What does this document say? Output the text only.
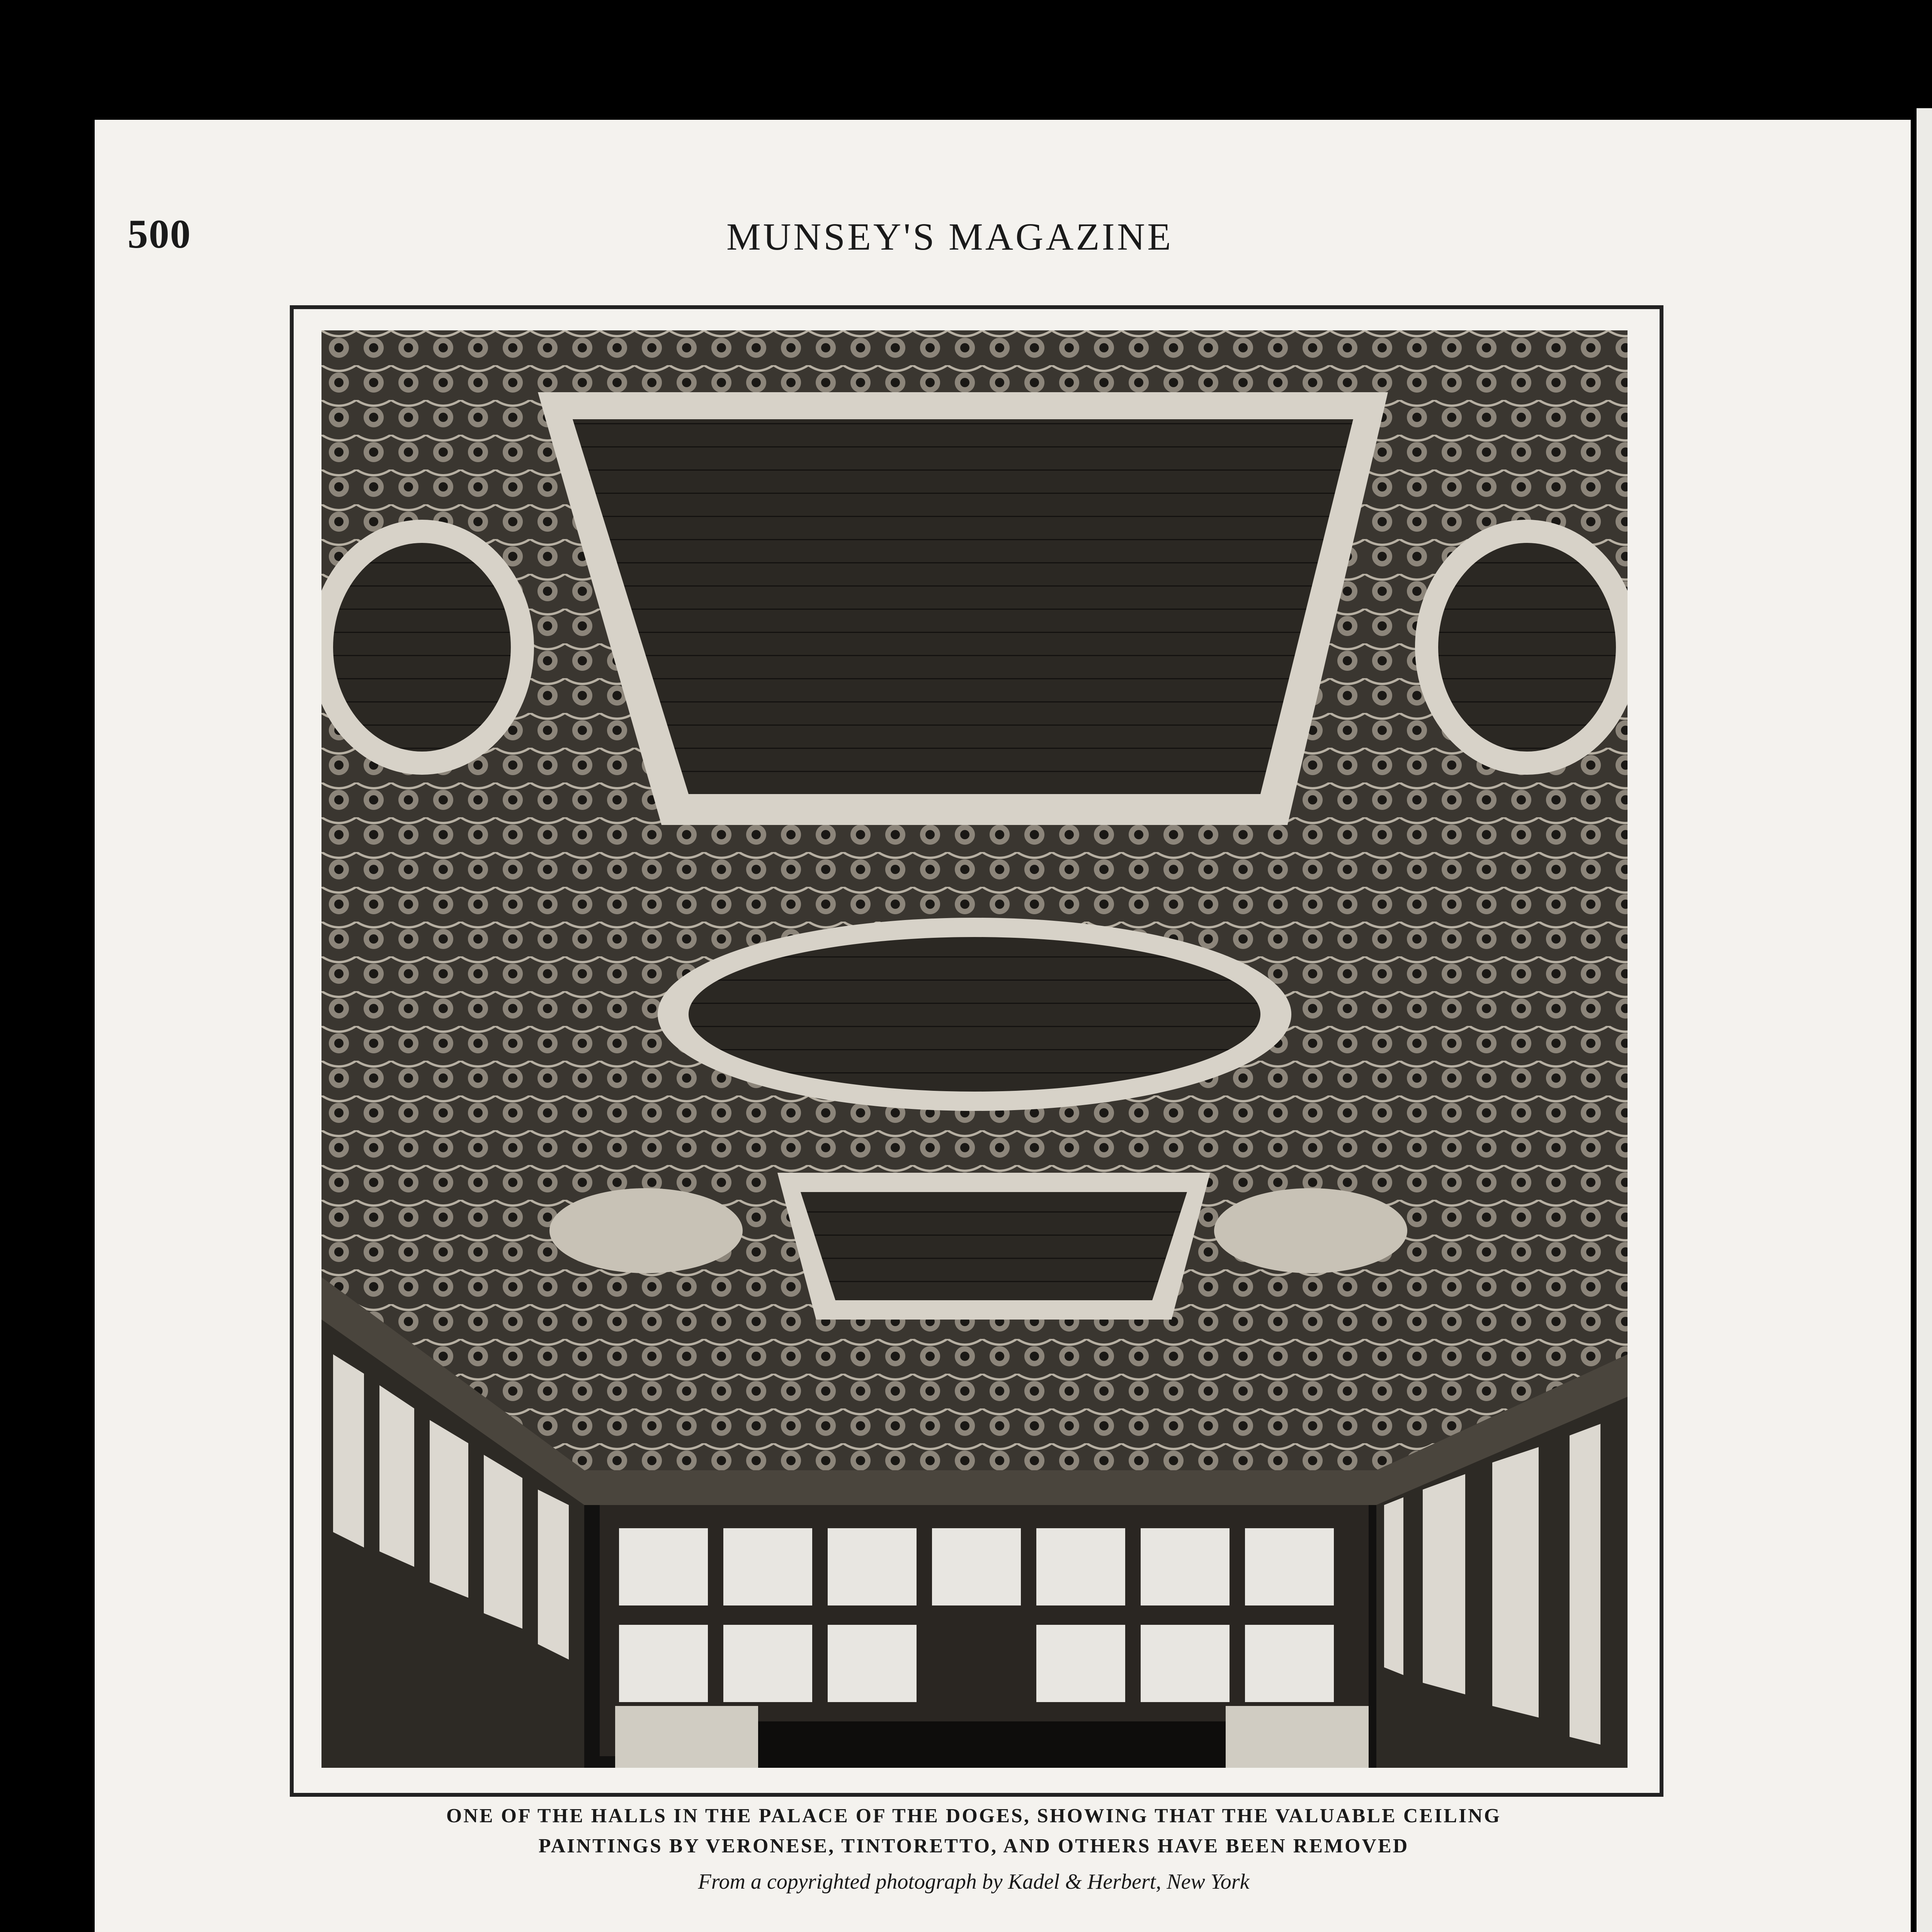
500	MUNSEY'S MAGAZINE
ONE OF THE HALLS IN THE PALACE OF THE DOGES, SHOWING THAT THE VALUABLE CEILING
PAINTINGS BY VERONESE, TINTORETTO, AND OTHERS HAVE BEEN REMOVED
From a copyrighted photograph by Kadel & Herbert, New York
